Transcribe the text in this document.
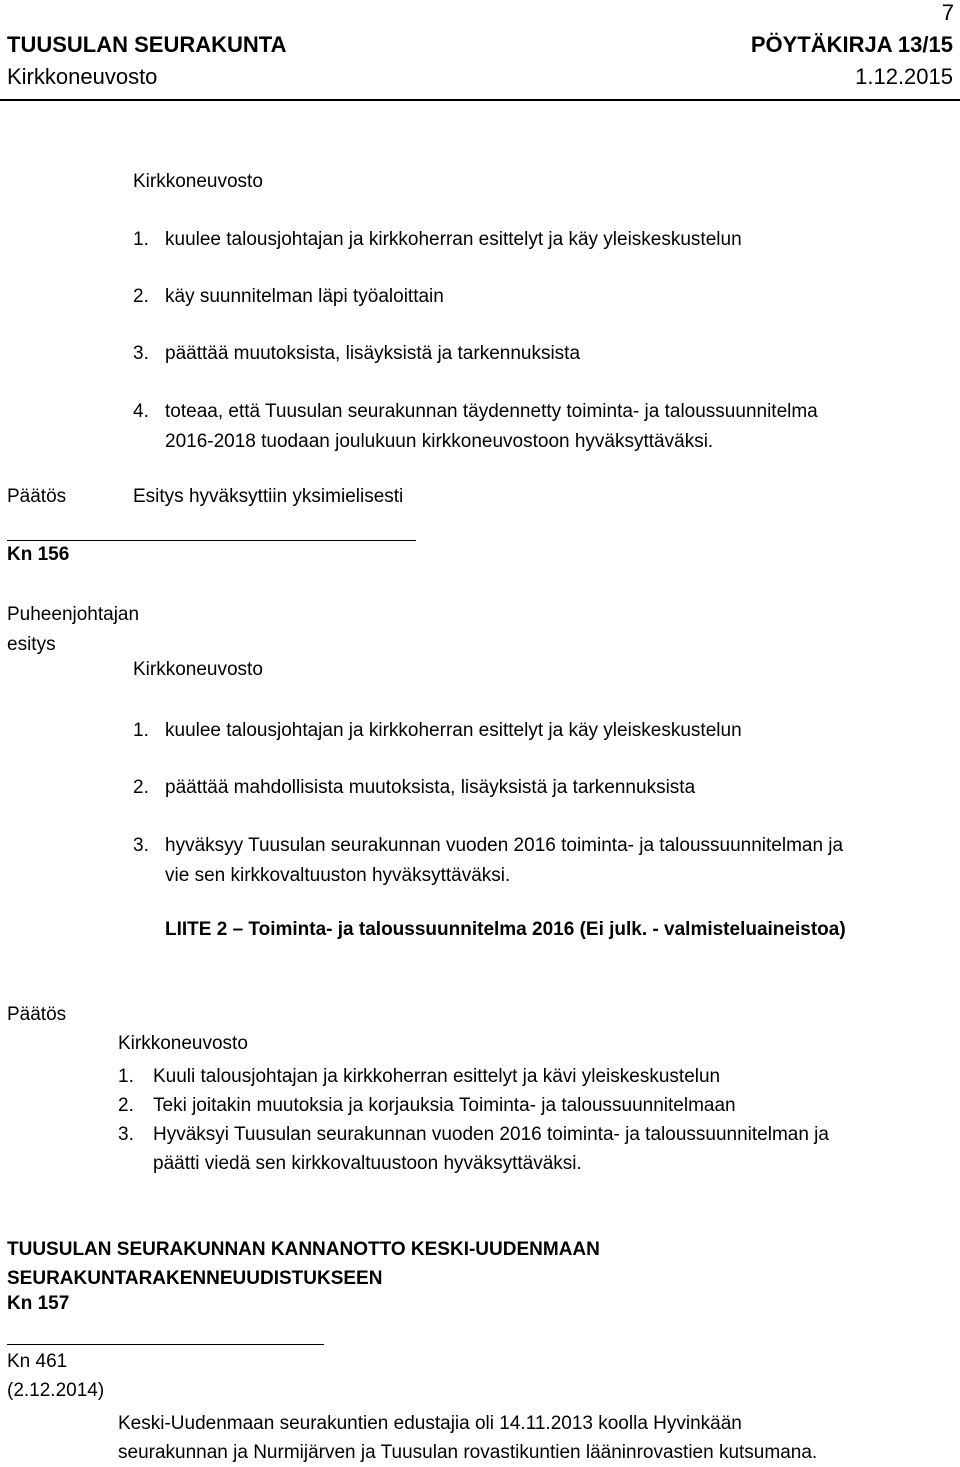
7
TUUSULAN SEURAKUNTA	PÖYTÄKIRJA 13/15
Kirkkoneuvosto	1.12.2015
Kirkkoneuvosto
1. kuulee talousjohtajan ja kirkkoherran esittelyt ja käy yleiskeskustelun
2. käy suunnitelman läpi työaloittain
3. päättää muutoksista, lisäyksistä ja tarkennuksista
4. toteaa, että Tuusulan seurakunnan täydennetty toiminta- ja taloussuunnitelma
2016-2018 tuodaan joulukuun kirkkoneuvostoon hyväksyttäväksi.
Päätös	Esitys hyväksyttiin yksimielisesti
Kn 156
Puheenjohtajan
esitys
Kirkkoneuvosto
1. kuulee talousjohtajan ja kirkkoherran esittelyt ja käy yleiskeskustelun
2. päättää mahdollisista muutoksista, lisäyksistä ja tarkennuksista
3. hyväksyy Tuusulan seurakunnan vuoden 2016 toiminta- ja taloussuunnitelman ja
vie sen kirkkovaltuuston hyväksyttäväksi.
LIITE 2 – Toiminta- ja taloussuunnitelma 2016 (Ei julk. - valmisteluaineistoa)
Päätös
Kirkkoneuvosto
1. Kuuli talousjohtajan ja kirkkoherran esittelyt ja kävi yleiskeskustelun
2. Teki joitakin muutoksia ja korjauksia Toiminta- ja taloussuunnitelmaan
3. Hyväksyi Tuusulan seurakunnan vuoden 2016 toiminta- ja taloussuunnitelman ja
päätti viedä sen kirkkovaltuustoon hyväksyttäväksi.
TUUSULAN SEURAKUNNAN KANNANOTTO KESKI-UUDENMAAN
SEURAKUNTARAKENNEUUDISTUKSEEN
Kn 157
Kn 461
(2.12.2014)
Keski-Uudenmaan seurakuntien edustajia oli 14.11.2013 koolla Hyvinkään
seurakunnan ja Nurmijärven ja Tuusulan rovastikuntien lääninrovastien kutsumana.
